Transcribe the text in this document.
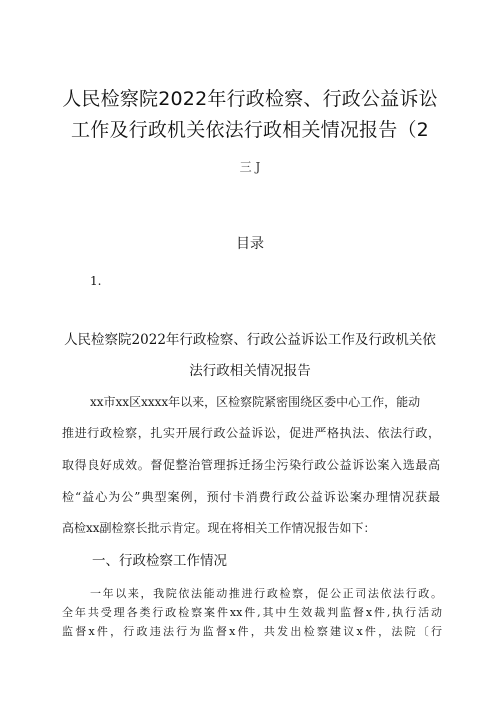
人民检察院2022年行政检察、行政公益诉讼
工作及行政机关依法行政相关情况报告（2
三 J
目录
1.
人民检察院2022年行政检察、行政公益诉讼工作及行政机关依
法行政相关情况报告
xx市xx区xxxx年以来，区检察院紧密围绕区委中心工作，能动
推进行政检察，扎实开展行政公益诉讼，促进严格执法、依法行政，
取得良好成效。督促整治管理拆迁扬尘污染行政公益诉讼案入选最高
检“益心为公”典型案例，预付卡消费行政公益诉讼案办理情况获最
高检xx副检察长批示肯定。现在将相关工作情况报告如下：
一、行政检察工作情况
一年以来，我院依法能动推进行政检察，促公正司法依法行政。
全年共受理各类行政检察案件xx件,其中生效裁判监督x件,执行活动
监督x件，行政违法行为监督x件，共发出检察建议x件，法院〔行
